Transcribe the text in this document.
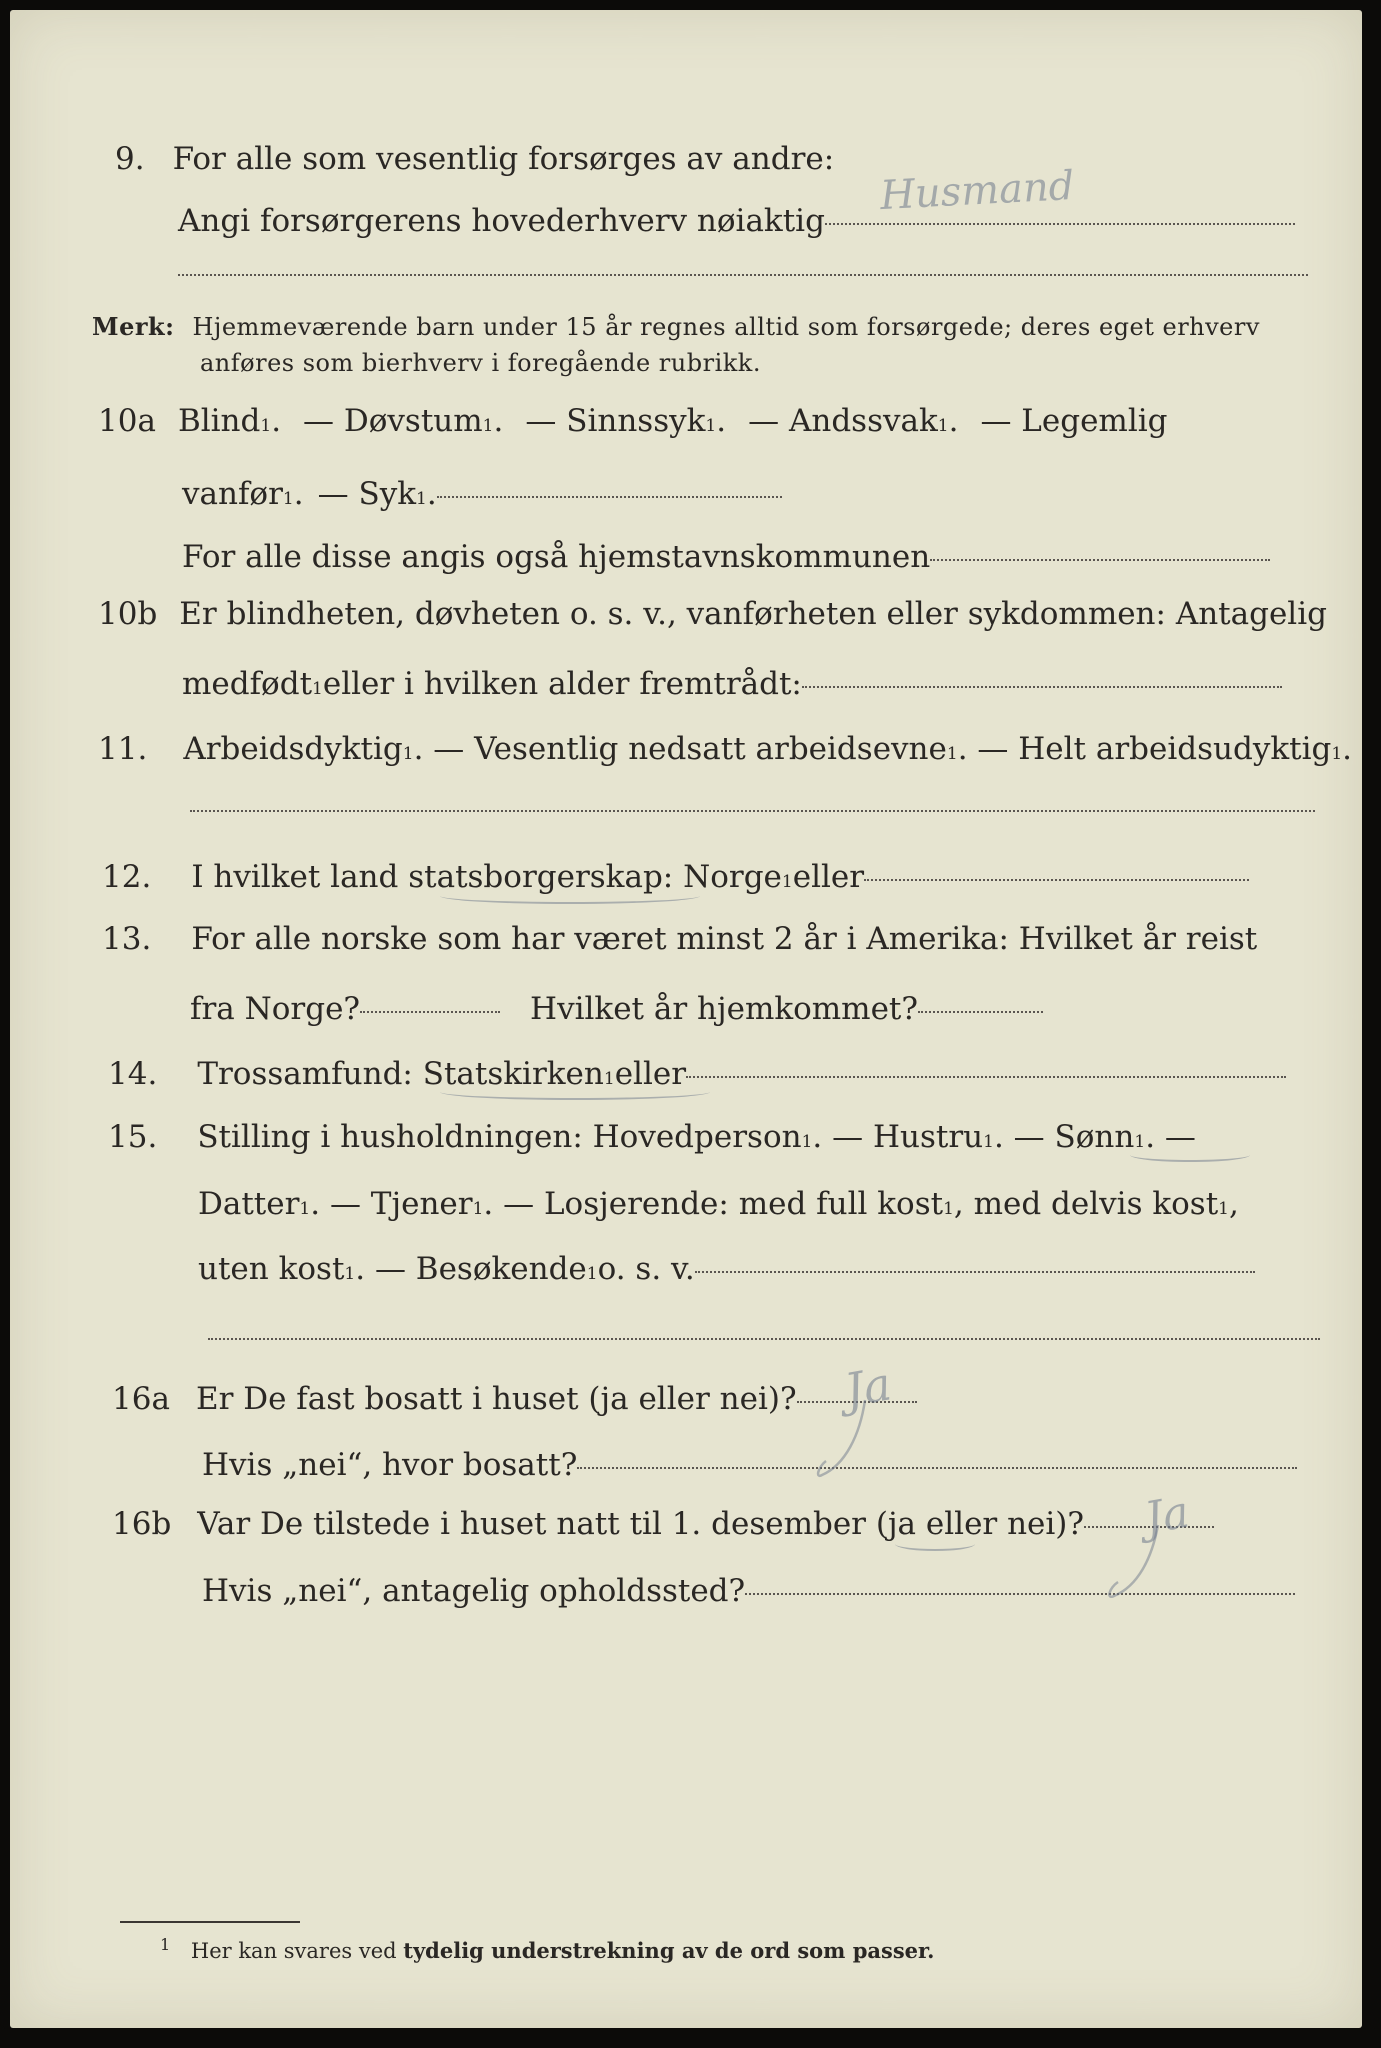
9. For alle som vesentlig forsørges av andre:
Angi forsørgerens hovederhverv nøiaktig
Husmand
Merk: Hjemmeværende barn under 15 år regnes alltid som forsørgede; deres eget erhverv
anføres som bierhverv i foregående rubrikk.
10a Blind 1 . — Døvstum 1 . — Sinnssyk 1 . — Andssvak 1 . — Legemlig
vanfør 1 . — Syk 1 .
For alle disse angis også hjemstavnskommunen
10b Er blindheten, døvheten o. s. v., vanførheten eller sykdommen: Antagelig
medfødt 1 eller i hvilken alder fremtrådt:
11. Arbeidsdyktig 1 . — Vesentlig nedsatt arbeidsevne 1 . — Helt arbeidsudyktig 1 .
12. I hvilket land statsborgerskap: Norge 1 eller
13. For alle norske som har været minst 2 år i Amerika: Hvilket år reist
fra Norge?	Hvilket år hjemkommet?
14. Trossamfund: Statskirken 1 eller
15. Stilling i husholdningen: Hovedperson 1 . — Hustru 1 . — Sønn 1 . —
Datter 1 . — Tjener 1 . — Losjerende: med full kost 1 , med delvis kost 1 ,
uten kost 1 . — Besøkende 1 o. s. v.
16a Er De fast bosatt i huset (ja eller nei)? Ja
Hvis „nei“, hvor bosatt?
16b Var De tilstede i huset natt til 1. desember (ja eller nei)? Ja
Hvis „nei“, antagelig opholdssted?
$^1$ Her kan svares ved tydelig understrekning av de ord som passer.
